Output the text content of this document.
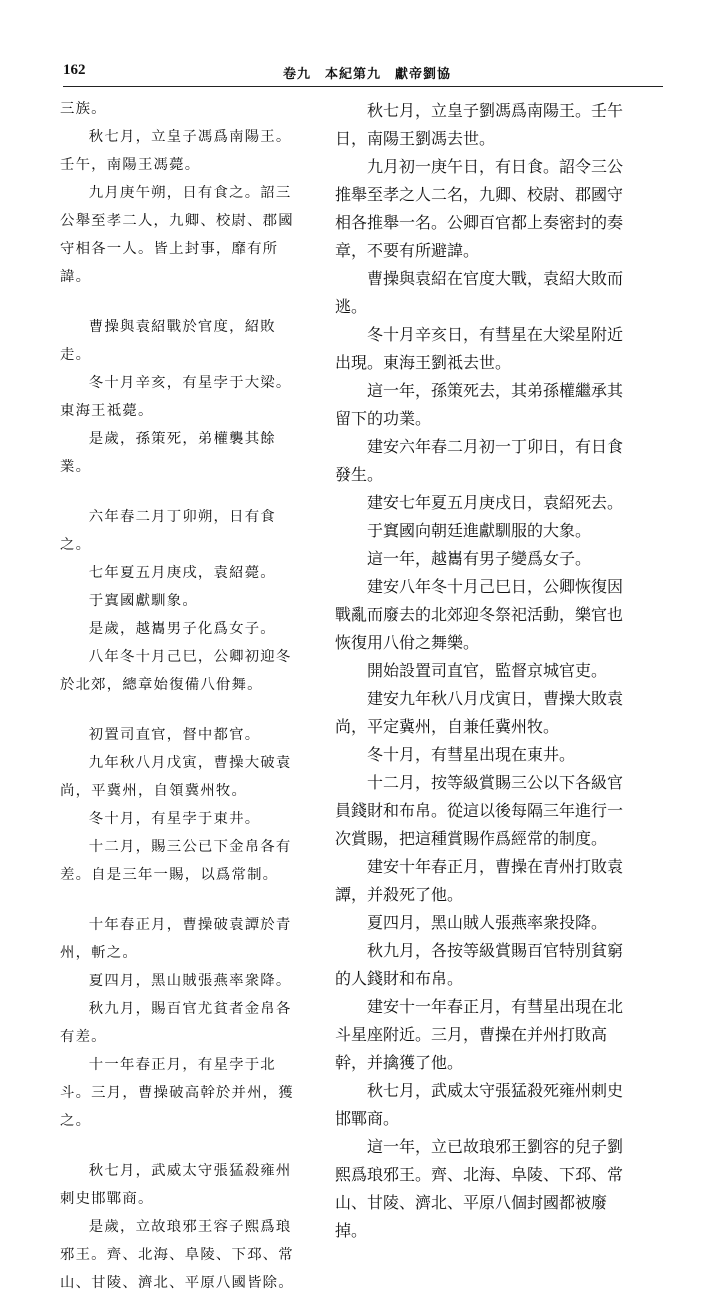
162	卷九　本紀第九　獻帝劉協

三族。

秋七月，立皇子馮爲南陽王。壬午，南陽王馮薨。

九月庚午朔，日有食之。詔三公舉至孝二人，九卿、校尉、郡國守相各一人。皆上封事，靡有所諱。

曹操與袁紹戰於官度，紹敗走。

冬十月辛亥，有星孛于大梁。東海王祗薨。

是歲，孫策死，弟權襲其餘業。

六年春二月丁卯朔，日有食之。

七年夏五月庚戌，袁紹薨。

于窴國獻馴象。

是歲，越巂男子化爲女子。

八年冬十月己巳，公卿初迎冬於北郊，總章始復備八佾舞。

初置司直官，督中都官。

九年秋八月戊寅，曹操大破袁尚，平冀州，自領冀州牧。

冬十月，有星孛于東井。

十二月，賜三公已下金帛各有差。自是三年一賜，以爲常制。

十年春正月，曹操破袁譚於青州，斬之。

夏四月，黑山賊張燕率衆降。

秋九月，賜百官尤貧者金帛各有差。

十一年春正月，有星孛于北斗。三月，曹操破高幹於并州，獲之。

秋七月，武威太守張猛殺雍州刺史邯鄲商。

是歲，立故琅邪王容子熙爲琅邪王。齊、北海、阜陵、下邳、常山、甘陵、濟北、平原八國皆除。

秋七月，立皇子劉馮爲南陽王。壬午日，南陽王劉馮去世。

九月初一庚午日，有日食。詔令三公推舉至孝之人二名，九卿、校尉、郡國守相各推舉一名。公卿百官都上奏密封的奏章，不要有所避諱。

曹操與袁紹在官度大戰，袁紹大敗而逃。

冬十月辛亥日，有彗星在大梁星附近出現。東海王劉祗去世。

這一年，孫策死去，其弟孫權繼承其留下的功業。

建安六年春二月初一丁卯日，有日食發生。

建安七年夏五月庚戌日，袁紹死去。

于窴國向朝廷進獻馴服的大象。

這一年，越巂有男子變爲女子。

建安八年冬十月己巳日，公卿恢復因戰亂而廢去的北郊迎冬祭祀活動，樂官也恢復用八佾之舞樂。

開始設置司直官，監督京城官吏。

建安九年秋八月戊寅日，曹操大敗袁尚，平定冀州，自兼任冀州牧。

冬十月，有彗星出現在東井。

十二月，按等級賞賜三公以下各級官員錢財和布帛。從這以後每隔三年進行一次賞賜，把這種賞賜作爲經常的制度。

建安十年春正月，曹操在青州打敗袁譚，并殺死了他。

夏四月，黑山賊人張燕率衆投降。

秋九月，各按等級賞賜百官特別貧窮的人錢財和布帛。

建安十一年春正月，有彗星出現在北斗星座附近。三月，曹操在并州打敗高幹，并擒獲了他。

秋七月，武威太守張猛殺死雍州刺史邯鄲商。

這一年，立已故琅邪王劉容的兒子劉熙爲琅邪王。齊、北海、阜陵、下邳、常山、甘陵、濟北、平原八個封國都被廢掉。
